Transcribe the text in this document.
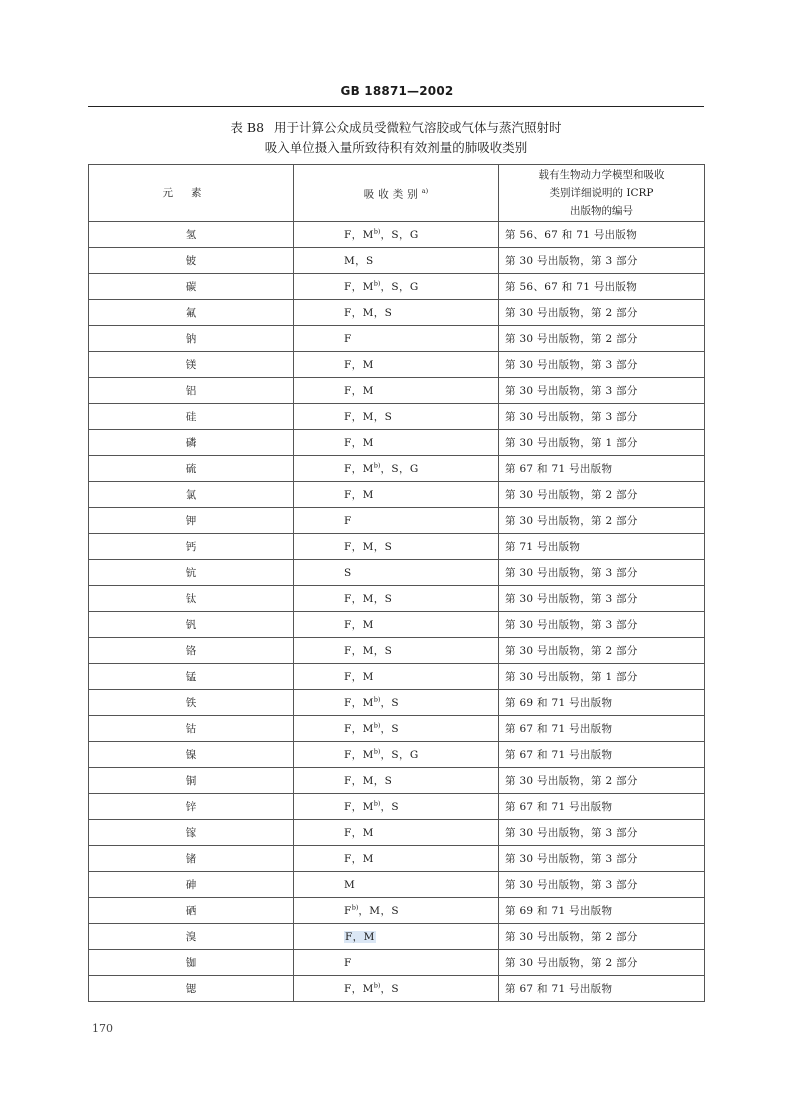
GB 18871—2002
表 B8 用于计算公众成员受微粒气溶胶或气体与蒸汽照射时
吸入单位摄入量所致待积有效剂量的肺吸收类别
元素	吸收类别$^{a)}$	载有生物动力学模型和吸收
类别详细说明的 ICRP
出版物的编号

氢	F，M$^{b)}$，S，G	第 56、67 和 71 号出版物
铍	M，S	第 30 号出版物，第 3 部分
碳	F，M$^{b)}$，S，G	第 56、67 和 71 号出版物
氟	F，M，S	第 30 号出版物，第 2 部分
钠	F	第 30 号出版物，第 2 部分
镁	F，M	第 30 号出版物，第 3 部分
铝	F，M	第 30 号出版物，第 3 部分
硅	F，M，S	第 30 号出版物，第 3 部分
磷	F，M	第 30 号出版物，第 1 部分
硫	F，M$^{b)}$，S，G	第 67 和 71 号出版物
氯	F，M	第 30 号出版物，第 2 部分
钾	F	第 30 号出版物，第 2 部分
钙	F，M，S	第 71 号出版物
钪	S	第 30 号出版物，第 3 部分
钛	F，M，S	第 30 号出版物，第 3 部分
钒	F，M	第 30 号出版物，第 3 部分
铬	F，M，S	第 30 号出版物，第 2 部分
锰	F，M	第 30 号出版物，第 1 部分
铁	F，M$^{b)}$，S	第 69 和 71 号出版物
钴	F，M$^{b)}$，S	第 67 和 71 号出版物
镍	F，M$^{b)}$，S，G	第 67 和 71 号出版物
铜	F，M，S	第 30 号出版物，第 2 部分
锌	F，M$^{b)}$，S	第 67 和 71 号出版物
镓	F，M	第 30 号出版物，第 3 部分
锗	F，M	第 30 号出版物，第 3 部分
砷	M	第 30 号出版物，第 3 部分
硒	F$^{b)}$，M，S	第 69 和 71 号出版物
溴	F，M	第 30 号出版物，第 2 部分
铷	F	第 30 号出版物，第 2 部分
锶	F，M$^{b)}$，S	第 67 和 71 号出版物
170
